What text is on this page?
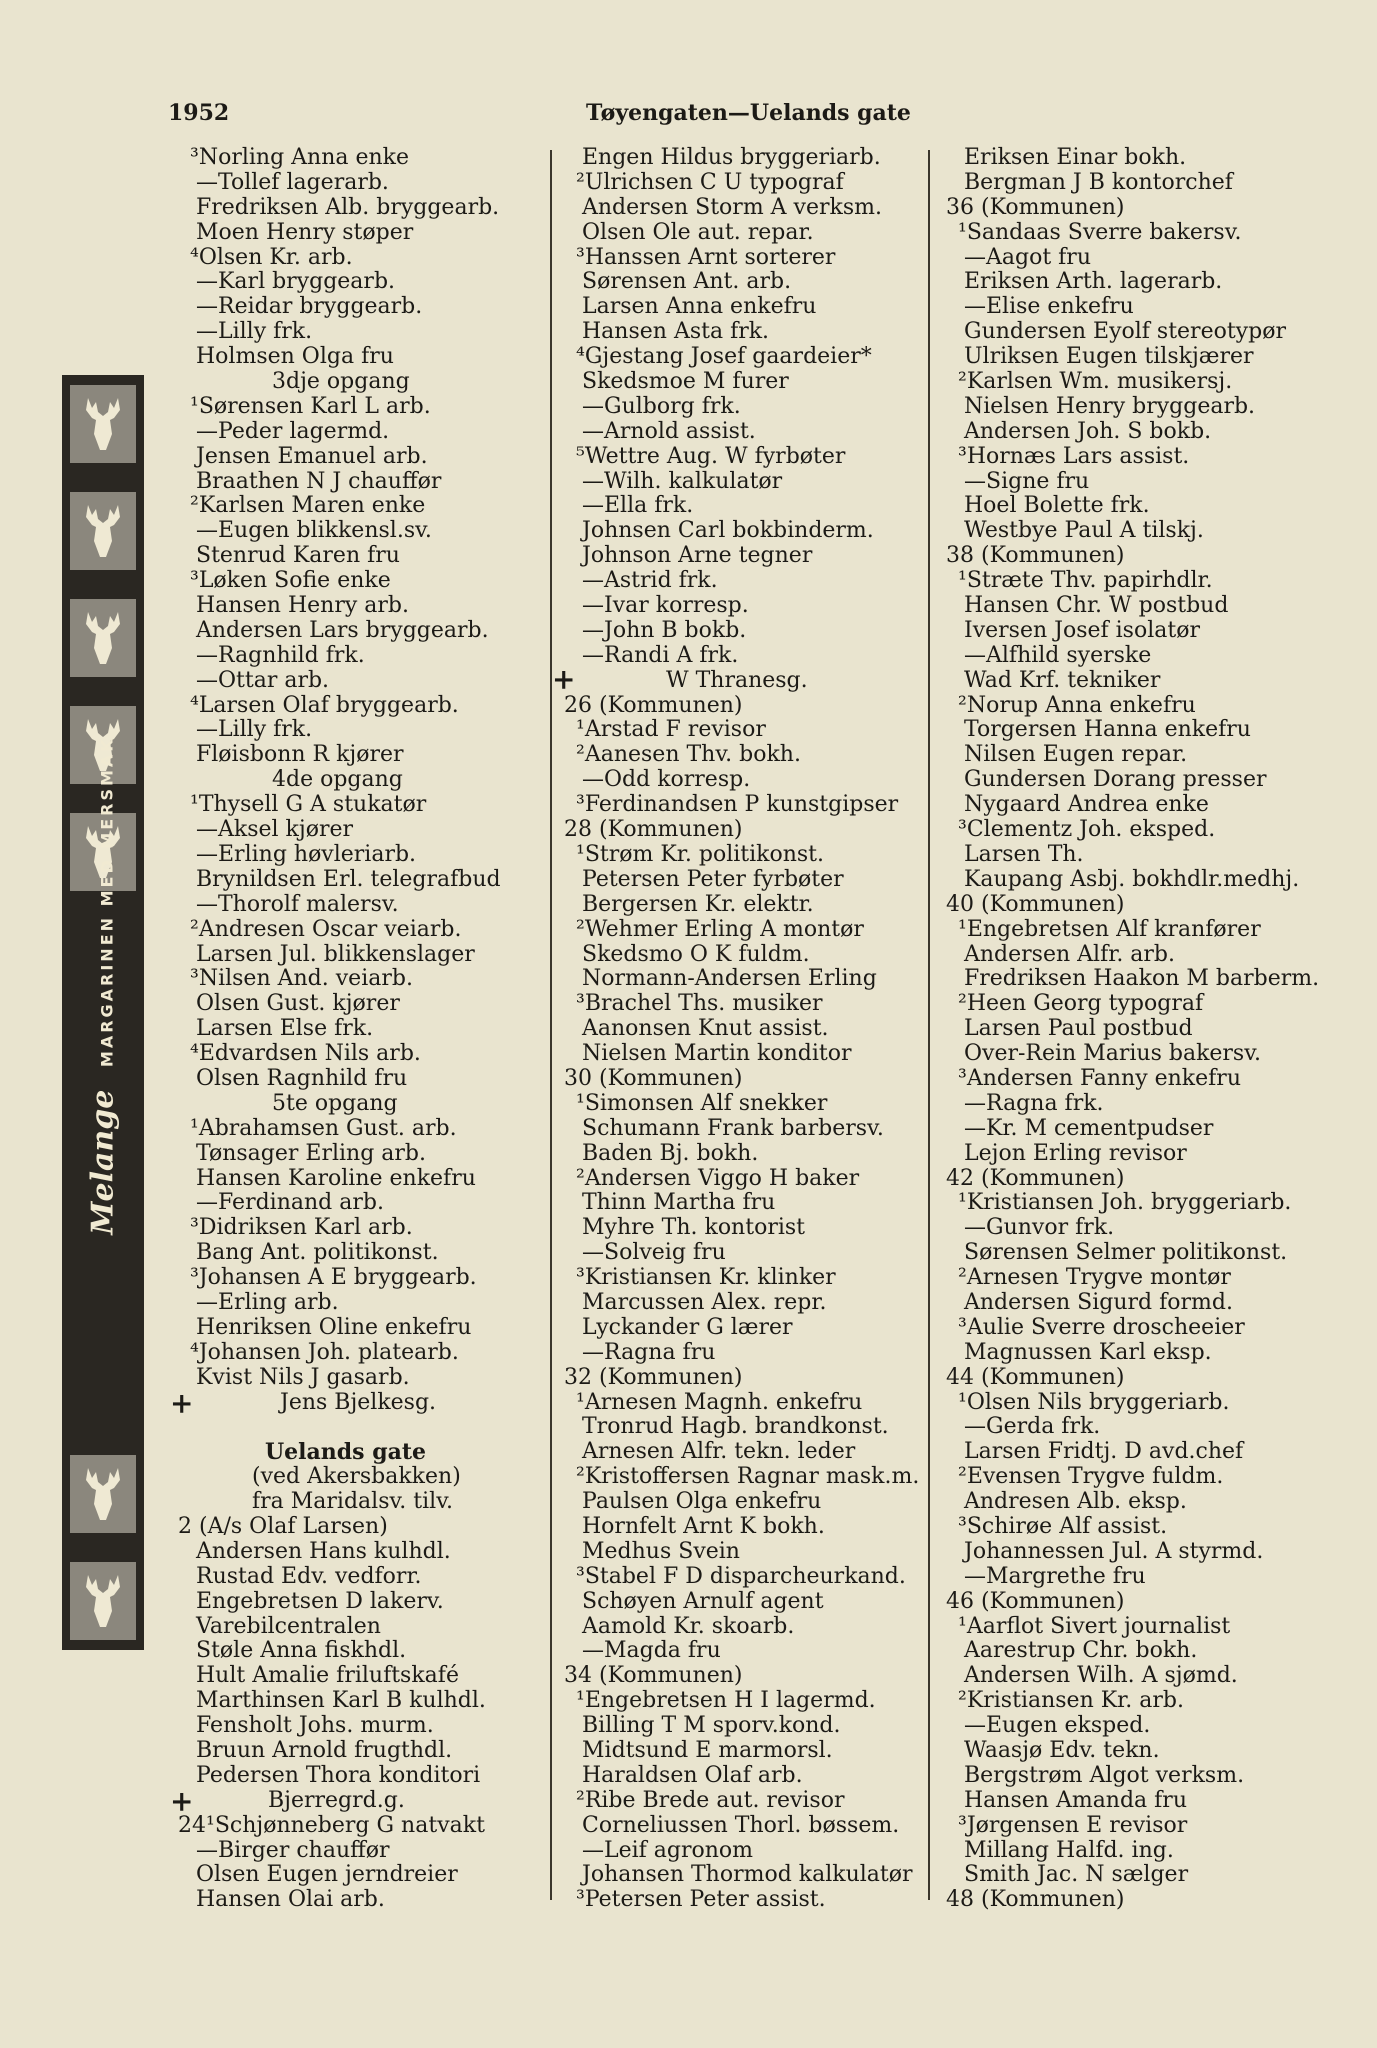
1952	Tøyengaten—Uelands gate
Melange MARGARINEN MED MERSMAK
³Norling Anna enke
—Tollef lagerarb.
Fredriksen Alb. bryggearb.
Moen Henry støper
⁴Olsen Kr. arb.
—Karl bryggearb.
—Reidar bryggearb.
—Lilly frk.
Holmsen Olga fru
3dje opgang
¹Sørensen Karl L arb.
—Peder lagermd.
Jensen Emanuel arb.
Braathen N J chauffør
²Karlsen Maren enke
—Eugen blikkensl.sv.
Stenrud Karen fru
³Løken Sofie enke
Hansen Henry arb.
Andersen Lars bryggearb.
—Ragnhild frk.
—Ottar arb.
⁴Larsen Olaf bryggearb.
—Lilly frk.
Fløisbonn R kjører
4de opgang
¹Thysell G A stukatør
—Aksel kjører
—Erling høvleriarb.
Brynildsen Erl. telegrafbud
—Thorolf malersv.
²Andresen Oscar veiarb.
Larsen Jul. blikkenslager
³Nilsen And. veiarb.
Olsen Gust. kjører
Larsen Else frk.
⁴Edvardsen Nils arb.
Olsen Ragnhild fru
5te opgang
¹Abrahamsen Gust. arb.
Tønsager Erling arb.
Hansen Karoline enkefru
—Ferdinand arb.
³Didriksen Karl arb.
Bang Ant. politikonst.
³Johansen A E bryggearb.
—Erling arb.
Henriksen Oline enkefru
⁴Johansen Joh. platearb.
Kvist Nils J gasarb.
Jens Bjelkesg.
Uelands gate
(ved Akersbakken)
fra Maridalsv. tilv.
2 (A/s Olaf Larsen)
Andersen Hans kulhdl.
Rustad Edv. vedforr.
Engebretsen D lakerv.
Varebilcentralen
Støle Anna fiskhdl.
Hult Amalie friluftskafé
Marthinsen Karl B kulhdl.
Fensholt Johs. murm.
Bruun Arnold frugthdl.
Pedersen Thora konditori
Bjerregrd.g.
24¹Schjønneberg G natvakt
—Birger chauffør
Olsen Eugen jerndreier
Hansen Olai arb.
Engen Hildus bryggeriarb.
²Ulrichsen C U typograf
Andersen Storm A verksm.
Olsen Ole aut. repar.
³Hanssen Arnt sorterer
Sørensen Ant. arb.
Larsen Anna enkefru
Hansen Asta frk.
⁴Gjestang Josef gaardeier*
Skedsmoe M furer
—Gulborg frk.
—Arnold assist.
⁵Wettre Aug. W fyrbøter
—Wilh. kalkulatør
—Ella frk.
Johnsen Carl bokbinderm.
Johnson Arne tegner
—Astrid frk.
—Ivar korresp.
—John B bokb.
—Randi A frk.
W Thranesg.
26 (Kommunen)
¹Arstad F revisor
²Aanesen Thv. bokh.
—Odd korresp.
³Ferdinandsen P kunstgipser
28 (Kommunen)
¹Strøm Kr. politikonst.
Petersen Peter fyrbøter
Bergersen Kr. elektr.
²Wehmer Erling A montør
Skedsmo O K fuldm.
Normann-Andersen Erling
³Brachel Ths. musiker
Aanonsen Knut assist.
Nielsen Martin konditor
30 (Kommunen)
¹Simonsen Alf snekker
Schumann Frank barbersv.
Baden Bj. bokh.
²Andersen Viggo H baker
Thinn Martha fru
Myhre Th. kontorist
—Solveig fru
³Kristiansen Kr. klinker
Marcussen Alex. repr.
Lyckander G lærer
—Ragna fru
32 (Kommunen)
¹Arnesen Magnh. enkefru
Tronrud Hagb. brandkonst.
Arnesen Alfr. tekn. leder
²Kristoffersen Ragnar mask.m.
Paulsen Olga enkefru
Hornfelt Arnt K bokh.
Medhus Svein
³Stabel F D disparcheurkand.
Schøyen Arnulf agent
Aamold Kr. skoarb.
—Magda fru
34 (Kommunen)
¹Engebretsen H I lagermd.
Billing T M sporv.kond.
Midtsund E marmorsl.
Haraldsen Olaf arb.
²Ribe Brede aut. revisor
Corneliussen Thorl. bøssem.
—Leif agronom
Johansen Thormod kalkulatør
³Petersen Peter assist.
Eriksen Einar bokh.
Bergman J B kontorchef
36 (Kommunen)
¹Sandaas Sverre bakersv.
—Aagot fru
Eriksen Arth. lagerarb.
—Elise enkefru
Gundersen Eyolf stereotypør
Ulriksen Eugen tilskjærer
²Karlsen Wm. musikersj.
Nielsen Henry bryggearb.
Andersen Joh. S bokb.
³Hornæs Lars assist.
—Signe fru
Hoel Bolette frk.
Westbye Paul A tilskj.
38 (Kommunen)
¹Stræte Thv. papirhdlr.
Hansen Chr. W postbud
Iversen Josef isolatør
—Alfhild syerske
Wad Krf. tekniker
²Norup Anna enkefru
Torgersen Hanna enkefru
Nilsen Eugen repar.
Gundersen Dorang presser
Nygaard Andrea enke
³Clementz Joh. eksped.
Larsen Th.
Kaupang Asbj. bokhdlr.medhj.
40 (Kommunen)
¹Engebretsen Alf kranfører
Andersen Alfr. arb.
Fredriksen Haakon M barberm.
²Heen Georg typograf
Larsen Paul postbud
Over-Rein Marius bakersv.
³Andersen Fanny enkefru
—Ragna frk.
—Kr. M cementpudser
Lejon Erling revisor
42 (Kommunen)
¹Kristiansen Joh. bryggeriarb.
—Gunvor frk.
Sørensen Selmer politikonst.
²Arnesen Trygve montør
Andersen Sigurd formd.
³Aulie Sverre droscheeier
Magnussen Karl eksp.
44 (Kommunen)
¹Olsen Nils bryggeriarb.
—Gerda frk.
Larsen Fridtj. D avd.chef
²Evensen Trygve fuldm.
Andresen Alb. eksp.
³Schirøe Alf assist.
Johannessen Jul. A styrmd.
—Margrethe fru
46 (Kommunen)
¹Aarflot Sivert journalist
Aarestrup Chr. bokh.
Andersen Wilh. A sjømd.
²Kristiansen Kr. arb.
—Eugen eksped.
Waasjø Edv. tekn.
Bergstrøm Algot verksm.
Hansen Amanda fru
³Jørgensen E revisor
Millang Halfd. ing.
Smith Jac. N sælger
48 (Kommunen)
+
+
+
